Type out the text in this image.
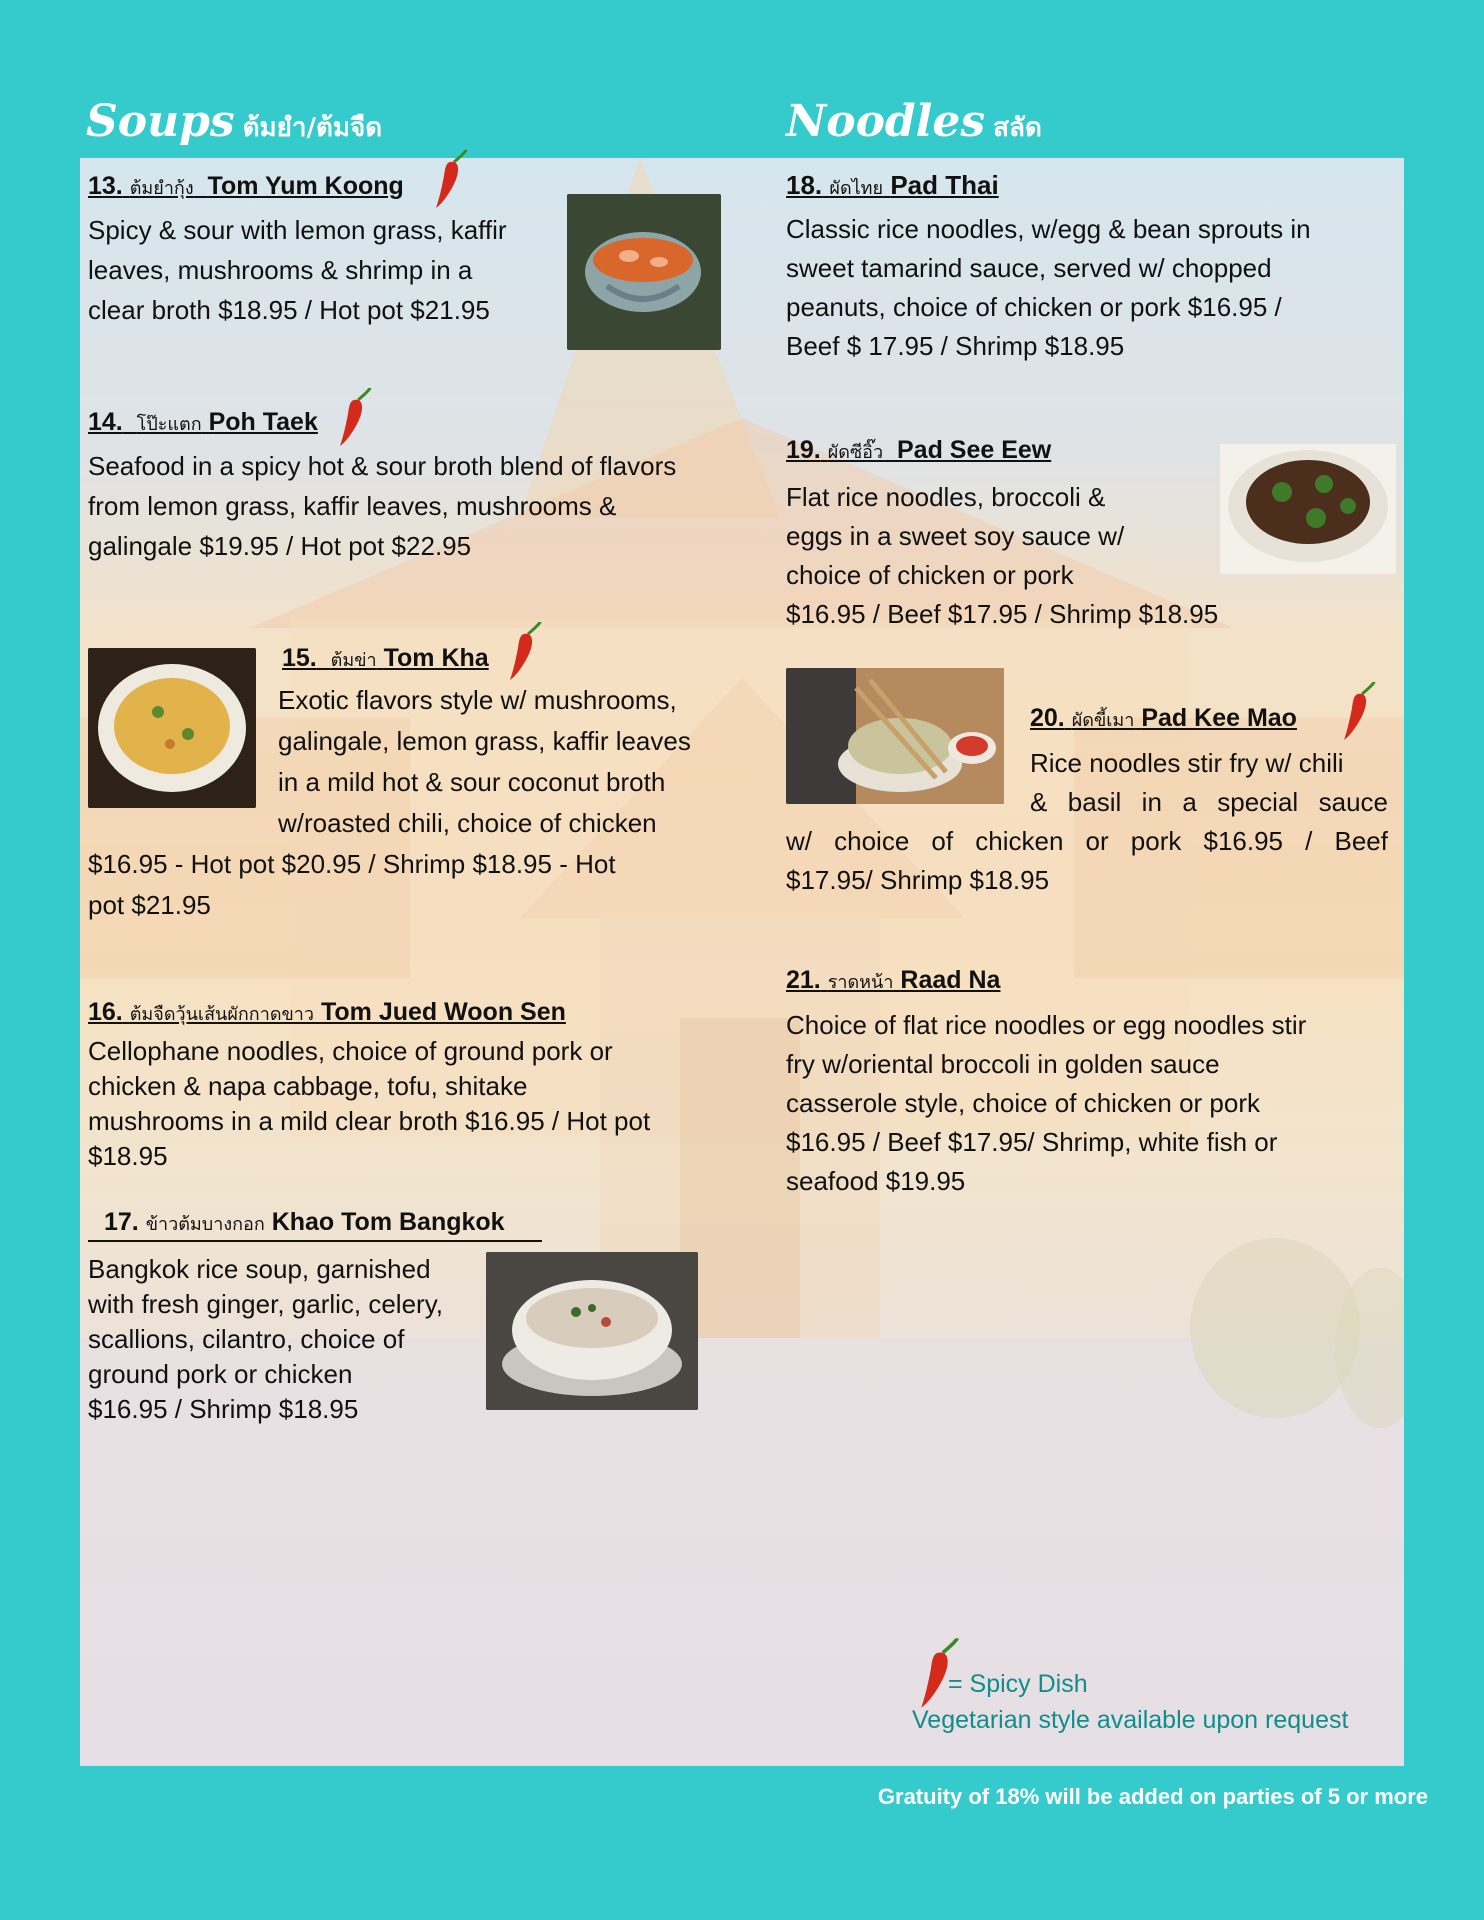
Soups ต้มยำ/ต้มจืด	Noodles สลัด
13. ต้มยำกุ้ง Tom Yum Koong
Spicy & sour with lemon grass, kaffir
leaves, mushrooms & shrimp in a
clear broth $18.95 / Hot pot $21.95
14. โป๊ะแตก Poh Taek
Seafood in a spicy hot & sour broth blend of flavors
from lemon grass, kaffir leaves, mushrooms &
galingale $19.95 / Hot pot $22.95
15. ต้มข่า Tom Kha
Exotic flavors style w/ mushrooms,
galingale, lemon grass, kaffir leaves
in a mild hot & sour coconut broth
w/roasted chili, choice of chicken
$16.95 - Hot pot $20.95 / Shrimp $18.95 - Hot
pot $21.95
16. ต้มจืดวุ้นเส้นผักกาดขาว Tom Jued Woon Sen
Cellophane noodles, choice of ground pork or
chicken & napa cabbage, tofu, shitake
mushrooms in a mild clear broth $16.95 / Hot pot
$18.95
17. ข้าวต้มบางกอก Khao Tom Bangkok
Bangkok rice soup, garnished
with fresh ginger, garlic, celery,
scallions, cilantro, choice of
ground pork or chicken
$16.95 / Shrimp $18.95
18. ผัดไทย Pad Thai
Classic rice noodles, w/egg & bean sprouts in
sweet tamarind sauce, served w/ chopped
peanuts, choice of chicken or pork $16.95 /
Beef $ 17.95 / Shrimp $18.95
19. ผัดซีอิ๊ว Pad See Eew
Flat rice noodles, broccoli &
eggs in a sweet soy sauce w/
choice of chicken or pork
$16.95 / Beef $17.95 / Shrimp $18.95
20. ผัดขี้เมา Pad Kee Mao
Rice noodles stir fry w/ chili
& basil in a special sauce
w/ choice of chicken or pork $16.95 / Beef
$17.95/ Shrimp $18.95
21. ราดหน้า Raad Na
Choice of flat rice noodles or egg noodles stir
fry w/oriental broccoli in golden sauce
casserole style, choice of chicken or pork
$16.95 / Beef $17.95/ Shrimp, white fish or
seafood $19.95
= Spicy Dish
Vegetarian style available upon request
Gratuity of 18% will be added on parties of 5 or more
